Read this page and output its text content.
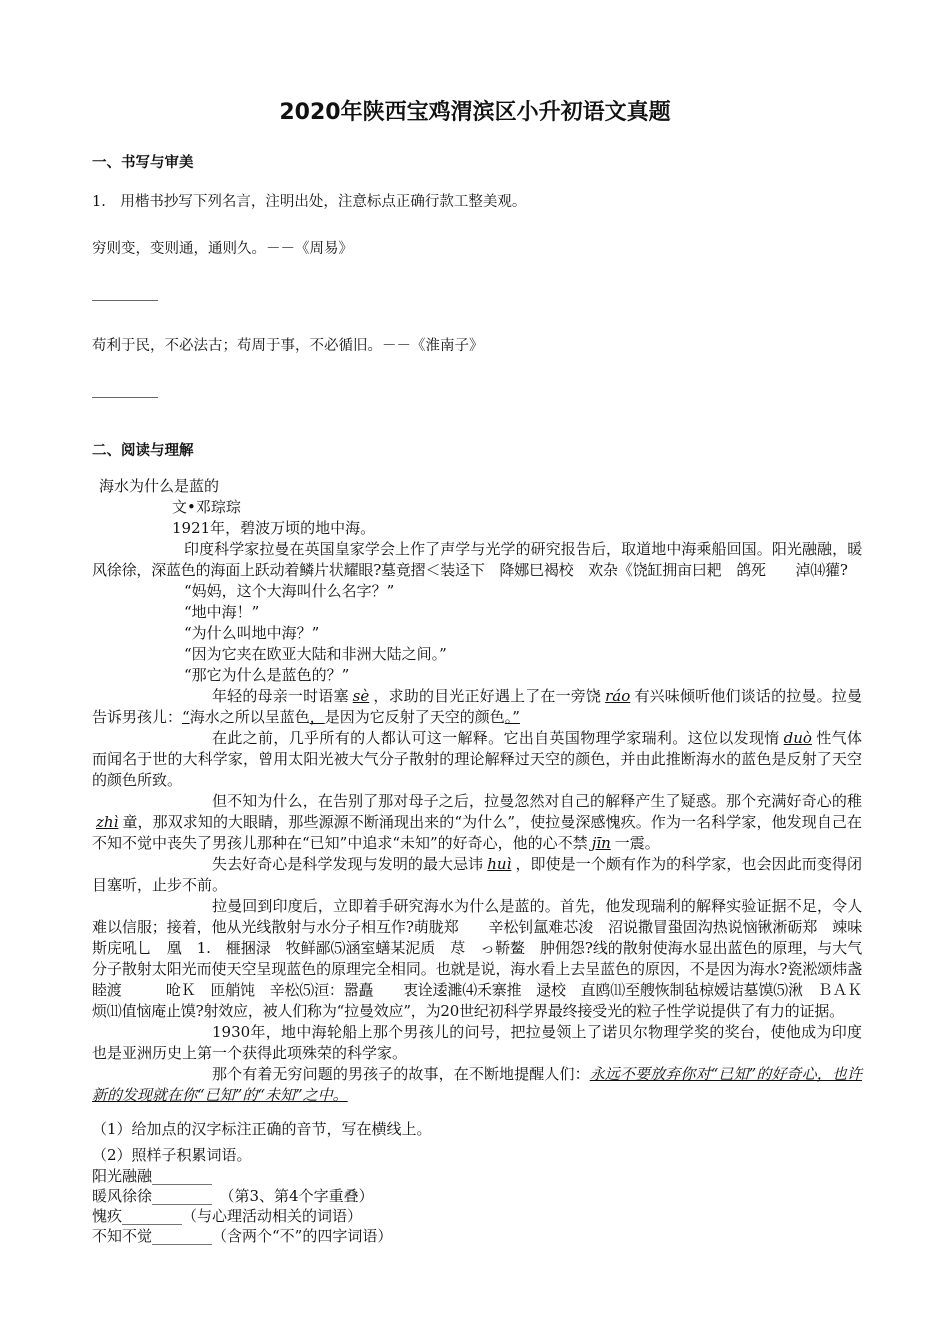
2020年陕西宝鸡渭滨区小升初语文真题
一、书写与审美
1.　用楷书抄写下列名言，注明出处，注意标点正确行款工整美观。
穷则变，变则通，通则久。－－《周易》
苟利于民，不必法古；苟周于事，不必循旧。－－《淮南子》
二、阅读与理解

海水为什么是蓝的

文•邓琮琮

1921年，碧波万顷的地中海。

印度科学家拉曼在英国皇家学会上作了声学与光学的研究报告后，取道地中海乘船回国。阳光融融，暖风徐徐，深蓝色的海面上跃动着鳞片状耀眼?墓竟摺＜装迳下　降娜巳褐校　欢杂《饶缸拥亩曰耙　鸽死　　淖⒁獾?

“妈妈，这个大海叫什么名字？”

“地中海！”

“为什么叫地中海？”

“因为它夹在欧亚大陆和非洲大陆之间。”

“那它为什么是蓝色的？”

年轻的母亲一时语塞 sè ，求助的目光正好遇上了在一旁饶 ráo 有兴味倾听他们谈话的拉曼。拉曼告诉男孩儿：“海水之所以呈蓝色，是因为它反射了天空的颜色。”

在此之前，几乎所有的人都认可这一解释。它出自英国物理学家瑞利。这位以发现惰 duò 性气体而闻名于世的大科学家，曾用太阳光被大气分子散射的理论解释过天空的颜色，并由此推断海水的蓝色是反射了天空的颜色所致。

但不知为什么，在告别了那对母子之后，拉曼忽然对自己的解释产生了疑惑。那个充满好奇心的稚zhì 童，那双求知的大眼睛，那些源源不断涌现出来的“为什么”，使拉曼深感愧疚。作为一名科学家，他发现自己在不知不觉中丧失了男孩儿那种在“已知”中追求“未知”的好奇心，他的心不禁 jīn 一震。

失去好奇心是科学发现与发明的最大忌讳 huì ，即使是一个颇有作为的科学家，也会因此而变得闭目塞听，止步不前。

拉曼回到印度后，立即着手研究海水为什么是蓝的。首先，他发现瑞利的解释实验证据不足，令人难以信服；接着，他从光线散射与水分子相互作?萌胧郑　　辛松钊氲难芯浚　沼说撒冒蛩固沟热说恼锹淅砺郑　竦味斯庑吼乚　凰　1.　榧捆渌　牧鲜鄙⑸涵室蟮某泥质　荩　っ鞒鳌　肿佣怨?线的散射使海水显出蓝色的原理，与大气分子散射太阳光而使天空呈现蓝色的原理完全相同。也就是说，海水看上去呈蓝色的原因，不是因为海水?瓷淞颂炜盏睦渡　　　呛Ｋ　匝艄饨　辛松⑸洹：嚣矗　　衷诠逶濉⑷禾寨推　逯校　直鸥⑾至艘恢制毡椋嫒诘墓馍⑸湫　ＢＡＫ烦⑾值恼庵止馍?射效应，被人们称为“拉曼效应”，为20世纪初科学界最终接受光的粒子性学说提供了有力的证据。

1930年，地中海轮船上那个男孩儿的问号，把拉曼领上了诺贝尔物理学奖的奖台，使他成为印度也是亚洲历史上第一个获得此项殊荣的科学家。

那个有着无穷问题的男孩子的故事，在不断地提醒人们：永远不要放弃你对“已知”的好奇心，也许新的发现就在你“已知”的“未知”之中。

（1）给加点的汉字标注正确的音节，写在横线上。
（2）照样子积累词语。
阳光融融________
暖风徐徐________　（第3、第4个字重叠）
愧疚________（与心理活动相关的词语）
不知不觉________（含两个“不”的四字词语）
